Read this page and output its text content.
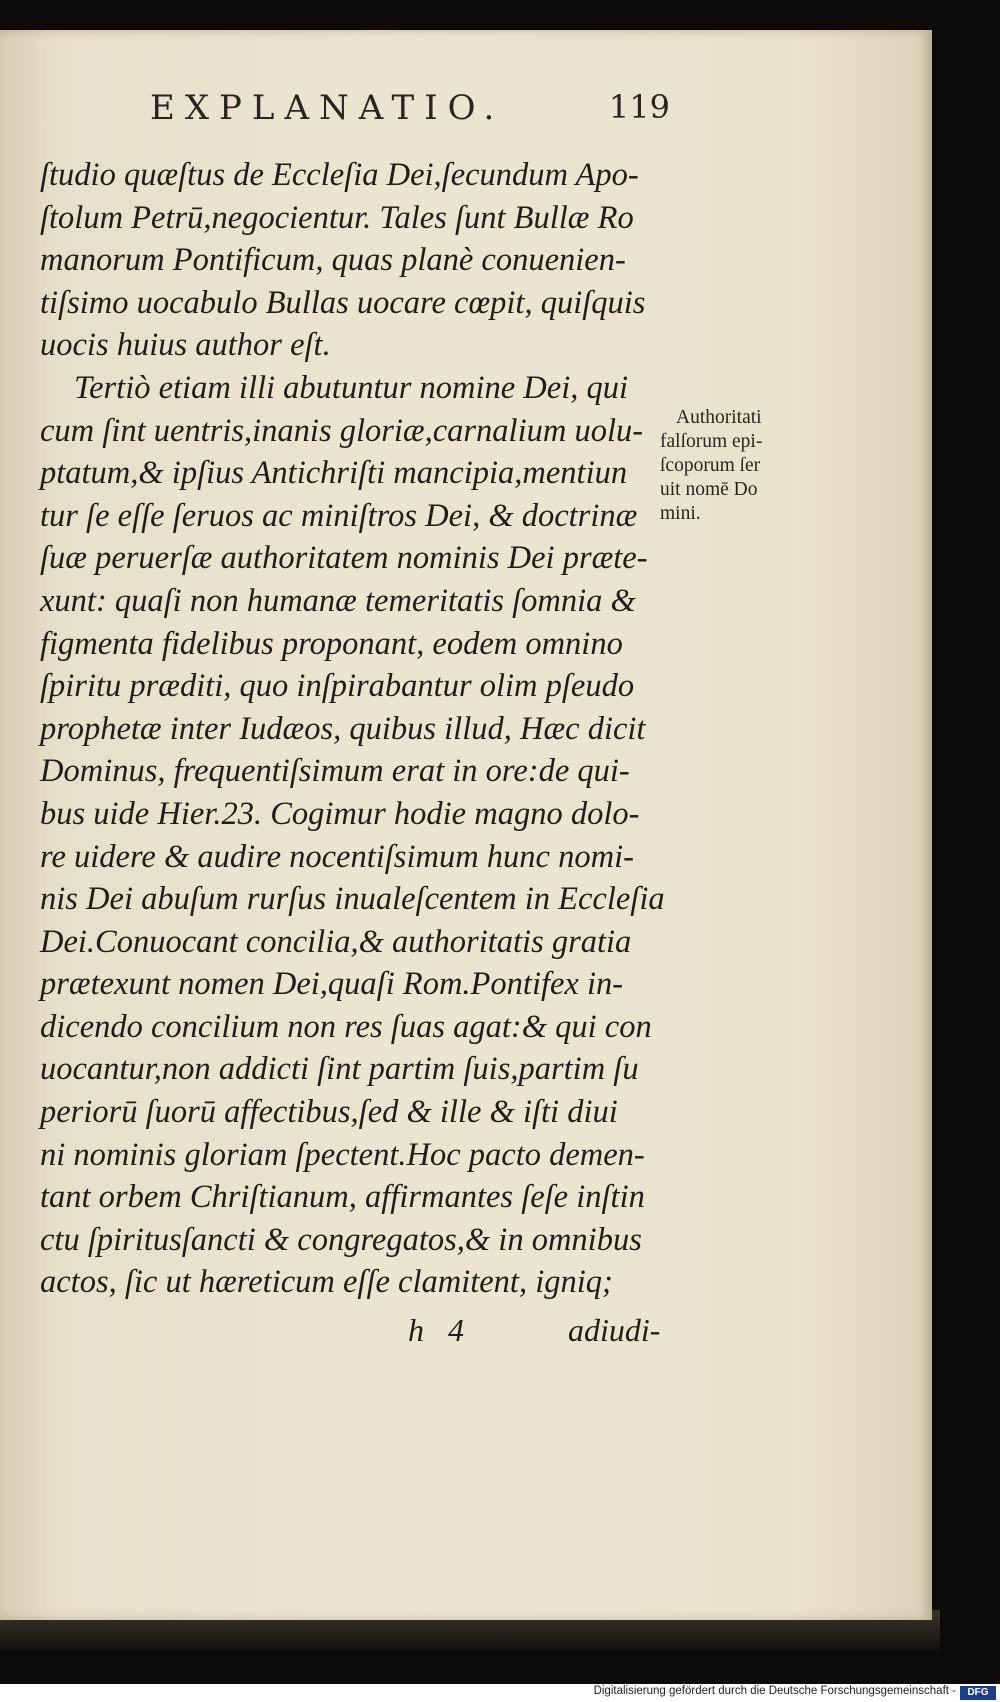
EXPLANATIO.	119
ſtudio quæſtus de Eccleſia Dei,ſecundum Apo-
ſtolum Petrū,negocientur. Tales ſunt Bullæ Ro
manorum Pontificum, quas planè conuenien-
tiſsimo uocabulo Bullas uocare cœpit, quiſquis
uocis huius author eſt.
Tertiò etiam illi abutuntur nomine Dei, qui
cum ſint uentris,inanis gloriæ,carnalium uolu-
ptatum,& ipſius Antichriſti mancipia,mentiun
tur ſe eſſe ſeruos ac miniſtros Dei, & doctrinæ
ſuæ peruerſæ authoritatem nominis Dei præte-
xunt: quaſi non humanæ temeritatis ſomnia &
figmenta fidelibus proponant, eodem omnino
ſpiritu præditi, quo inſpirabantur olim pſeudo
prophetæ inter Iudæos, quibus illud, Hæc dicit
Dominus, frequentiſsimum erat in ore:de qui-
bus uide Hier.23. Cogimur hodie magno dolo-
re uidere & audire nocentiſsimum hunc nomi-
nis Dei abuſum rurſus inualeſcentem in Eccleſia
Dei.Conuocant concilia,& authoritatis gratia
prætexunt nomen Dei,quaſi Rom.Pontifex in-
dicendo concilium non res ſuas agat:& qui con
uocantur,non addicti ſint partim ſuis,partim ſu
periorū ſuorū affectibus,ſed & ille & iſti diui
ni nominis gloriam ſpectent.Hoc pacto demen-
tant orbem Chriſtianum, affirmantes ſeſe inſtin
ctu ſpiritusſancti & congregatos,& in omnibus
actos, ſic ut hæreticum eſſe clamitent, igniq;
Authoritati
falſorum epi-
ſcoporum ſer
uit nomē Do
mini.
h   4	adiudi-
Digitalisierung gefördert durch die Deutsche Forschungsgemeinschaft -	DFG
